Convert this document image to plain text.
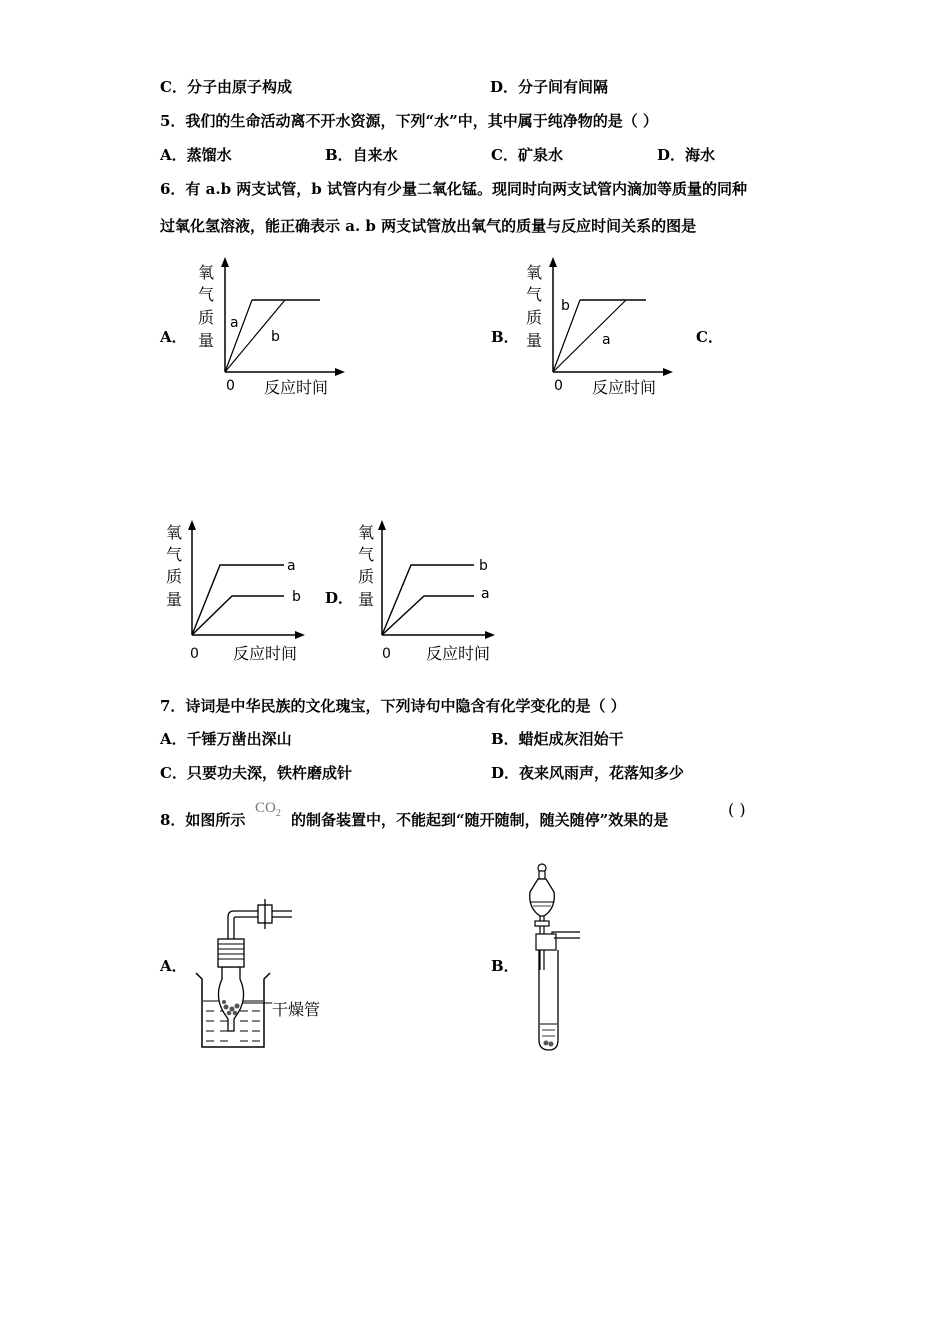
C．分子由原子构成	D．分子间有间隔
5．我们的生命活动离不开水资源，下列“水”中，其中属于纯净物的是（ ）
A．蒸馏水	B．自来水	C．矿泉水	D．海水
6．有 a.b 两支试管，b 试管内有少量二氧化锰。现同时向两支试管内滴加等质量的同种
过氧化氢溶液，能正确表示 a. b 两支试管放出氧气的质量与反应时间关系的图是
A．	B．	C．
D．
氧
气
质
量
0 反应时间
a
b
氧
气
质
量
0 反应时间
b
a
氧
气
质
量
0 反应时间
a
b
氧
气
质
量
0 反应时间
b
a
7．诗词是中华民族的文化瑰宝，下列诗句中隐含有化学变化的是（ ）
A．千锤万凿出深山	B．蜡炬成灰泪始干
C．只要功夫深，铁杵磨成针	D．夜来风雨声，花落知多少
8．如图所示
$CO_2$ 的制备装置中，不能起到“随开随制，随关随停”效果的是
( )
A．	B．
干燥管
